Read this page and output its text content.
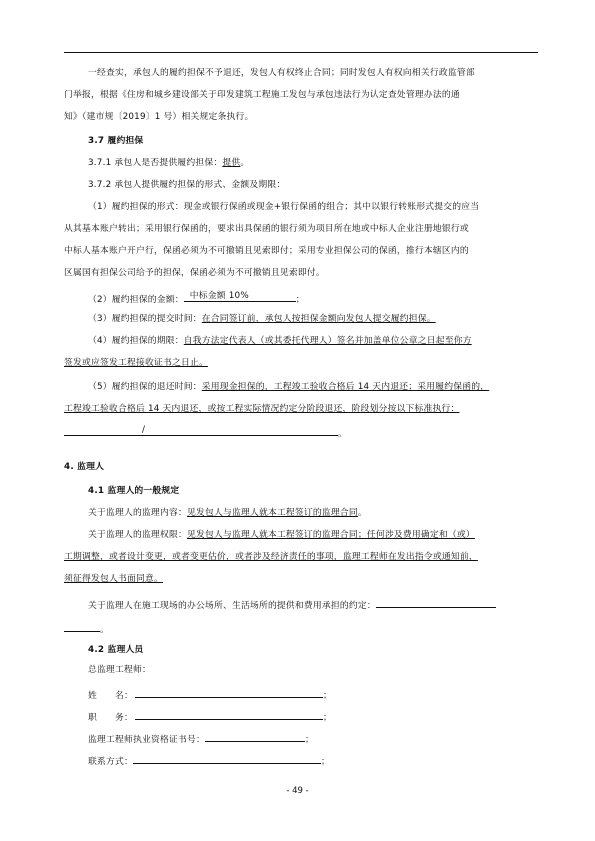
一经查实，承包人的履约担保不予退还，发包人有权终止合同；同时发包人有权向相关行政监管部
门举报，根据《住房和城乡建设部关于印发建筑工程施工发包与承包违法行为认定查处管理办法的通
知》（建市规〔2019〕1 号）相关规定条执行。
3.7 履约担保
3.7.1 承包人是否提供履约担保：提供。
3.7.2 承包人提供履约担保的形式、金额及期限：
（1）履约担保的形式：现金或银行保函或现金+银行保函的组合；其中以银行转账形式提交的应当
从其基本账户转出；采用银行保函的，要求出具保函的银行须为项目所在地或中标人企业注册地银行或
中标人基本账户开户行，保函必须为不可撤销且见索即付；采用专业担保公司的保函，推行本辖区内的
区属国有担保公司给予的担保，保函必须为不可撤销且见索即付。
（2）履约担保的金额： 中标金额 10%	；
（3）履约担保的提交时间：在合同签订前，承包人按担保金额向发包人提交履约担保。
（4）履约担保的期限：自我方法定代表人（或其委托代理人）签名并加盖单位公章之日起至你方
签发或应签发工程接收证书之日止。
（5）履约担保的退还时间：采用现金担保的，工程竣工验收合格后 14 天内退还；采用履约保函的，
工程竣工验收合格后 14 天内退还，或按工程实际情况约定分阶段退还，阶段划分按以下标准执行：
/	。
4. 监理人
4.1 监理人的一般规定
关于监理人的监理内容：见发包人与监理人就本工程签订的监理合同。
关于监理人的监理权限：见发包人与监理人就本工程签订的监理合同；任何涉及费用确定和（或）
工期调整，或者设计变更，或者变更估价，或者涉及经济责任的事项，监理工程师在发出指令或通知前，
须征得发包人书面同意。
关于监理人在施工现场的办公场所、生活场所的提供和费用承担的约定：
。
4.2 监理人员
总监理工程师：
姓　　名：	；
职　　务：	；
监理工程师执业资格证书号：	；
联系方式：	；
- 49 -
